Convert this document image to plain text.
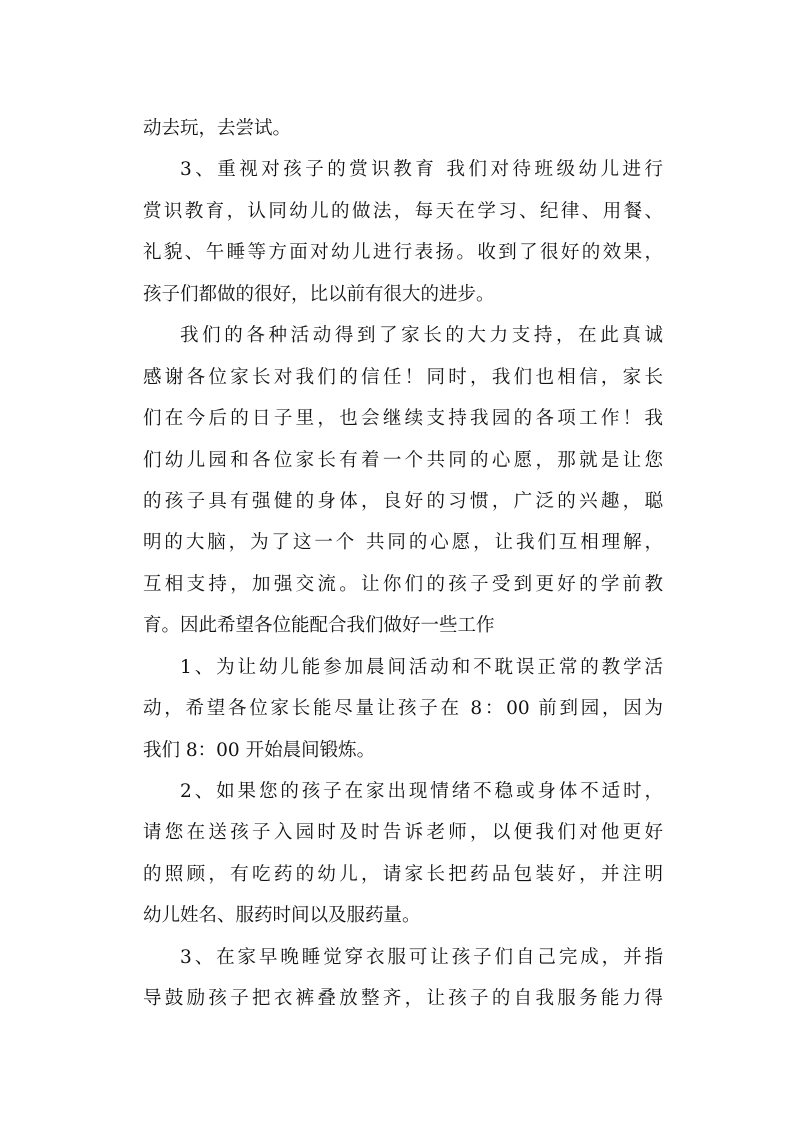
动去玩，去尝试。
3、重视对孩子的赏识教育 我们对待班级幼儿进行
赏识教育，认同幼儿的做法，每天在学习、纪律、用餐、
礼貌、午睡等方面对幼儿进行表扬。收到了很好的效果，
孩子们都做的很好，比以前有很大的进步。
我们的各种活动得到了家长的大力支持，在此真诚
感谢各位家长对我们的信任！同时，我们也相信，家长
们在今后的日子里，也会继续支持我园的各项工作！我
们幼儿园和各位家长有着一个共同的心愿，那就是让您
的孩子具有强健的身体，良好的习惯，广泛的兴趣，聪
明的大脑，为了这一个 共同的心愿，让我们互相理解，
互相支持，加强交流。让你们的孩子受到更好的学前教
育。因此希望各位能配合我们做好一些工作
1、为让幼儿能参加晨间活动和不耽误正常的教学活
动，希望各位家长能尽量让孩子在 8：00 前到园，因为
我们 8：00 开始晨间锻炼。
2、如果您的孩子在家出现情绪不稳或身体不适时，
请您在送孩子入园时及时告诉老师，以便我们对他更好
的照顾，有吃药的幼儿，请家长把药品包装好，并注明
幼儿姓名、服药时间以及服药量。
3、在家早晚睡觉穿衣服可让孩子们自己完成，并指
导鼓励孩子把衣裤叠放整齐，让孩子的自我服务能力得
